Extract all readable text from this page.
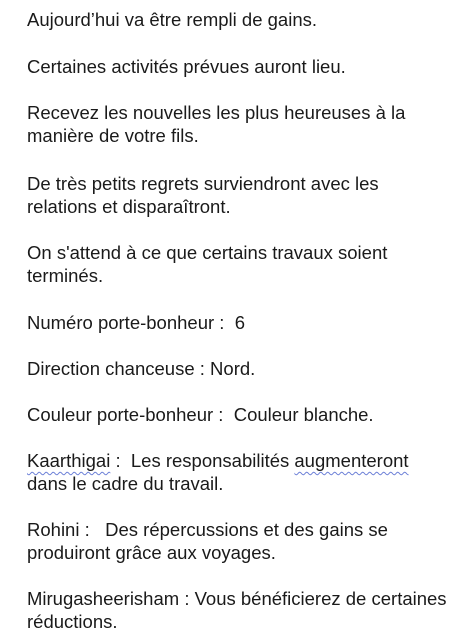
Aujourd’hui va être rempli de gains.

Certaines activités prévues auront lieu.

Recevez les nouvelles les plus heureuses à la manière de votre fils.

De très petits regrets surviendront avec les relations et disparaîtront.

On s'attend à ce que certains travaux soient terminés.

Numéro porte-bonheur :  6

Direction chanceuse : Nord.

Couleur porte-bonheur :  Couleur blanche.

Kaarthigai :  Les responsabilités augmenteront dans le cadre du travail.

Rohini :   Des répercussions et des gains se produiront grâce aux voyages.

Mirugasheerisham : Vous bénéficierez de certaines réductions.
